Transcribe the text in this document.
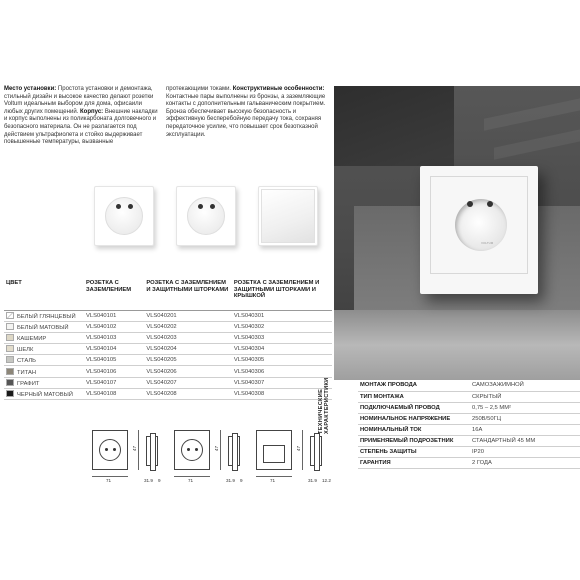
Место установки: Простота установки и демонтажа, стильный дизайн и высокое качество делают розетки Voltum идеальным выбором для дома, офисаили любых других помещений. Корпус: Внешние накладки и корпус выполнены из поликарбоната долговечного и безопасного материала. Он не разлагается под действием ультрафиолета и стойко выдерживает повышенные температуры, вызванные

протекающими токами. Конструктивные особенности: Контактные пары выполнены из бронзы, а заземляющие контакты с дополнительным гальваническим покрытием. Бронза обеспечивает высокую безопасность и эффективную бесперебойную передачу тока, сохраняя передаточное усилие, что повышает срок безотказной эксплуатации.

VOLTUM
ЦВЕТ	РОЗЕТКА С ЗАЗЕМЛЕНИЕМ	РОЗЕТКА С ЗАЗЕМЛЕНИЕМ И ЗАЩИТНЫМИ ШТОРКАМИ	РОЗЕТКА С ЗАЗЕМЛЕНИЕМ И ЗАЩИТНЫМИ ШТОРКАМИ И КРЫШКОЙ
БЕЛЫЙ ГЛЯНЦЕВЫЙ	VLS040101	VLS040201	VLS040301
БЕЛЫЙ МАТОВЫЙ	VLS040102	VLS040202	VLS040302
КАШЕМИР	VLS040103	VLS040203	VLS040303
ШЕЛК	VLS040104	VLS040204	VLS040304
СТАЛЬ	VLS040105	VLS040205	VLS040305
ТИТАН	VLS040106	VLS040206	VLS040306
ГРАФИТ	VLS040107	VLS040207	VLS040307
ЧЕРНЫЙ МАТОВЫЙ	VLS040108	VLS040208	VLS040308
47
71	31.9 9
47
71	31.9 9
47
71	31.9 12.2
ТЕХНИЧЕСКИЕ ХАРАКТЕРИСТИКИ	МОНТАЖ ПРОВОДА	САМОЗАЖИМНОЙ
ТИП МОНТАЖА	СКРЫТЫЙ
ПОДКЛЮЧАЕМЫЙ ПРОВОД	0,75 – 2,5 ММ²
НОМИНАЛЬНОЕ НАПРЯЖЕНИЕ	250В/50ГЦ
НОМИНАЛЬНЫЙ ТОК	16А
ПРИМЕНЯЕМЫЙ ПОДРОЗЕТНИК	СТАНДАРТНЫЙ 45 ММ
СТЕПЕНЬ ЗАЩИТЫ	IP20
ГАРАНТИЯ	2 ГОДА
